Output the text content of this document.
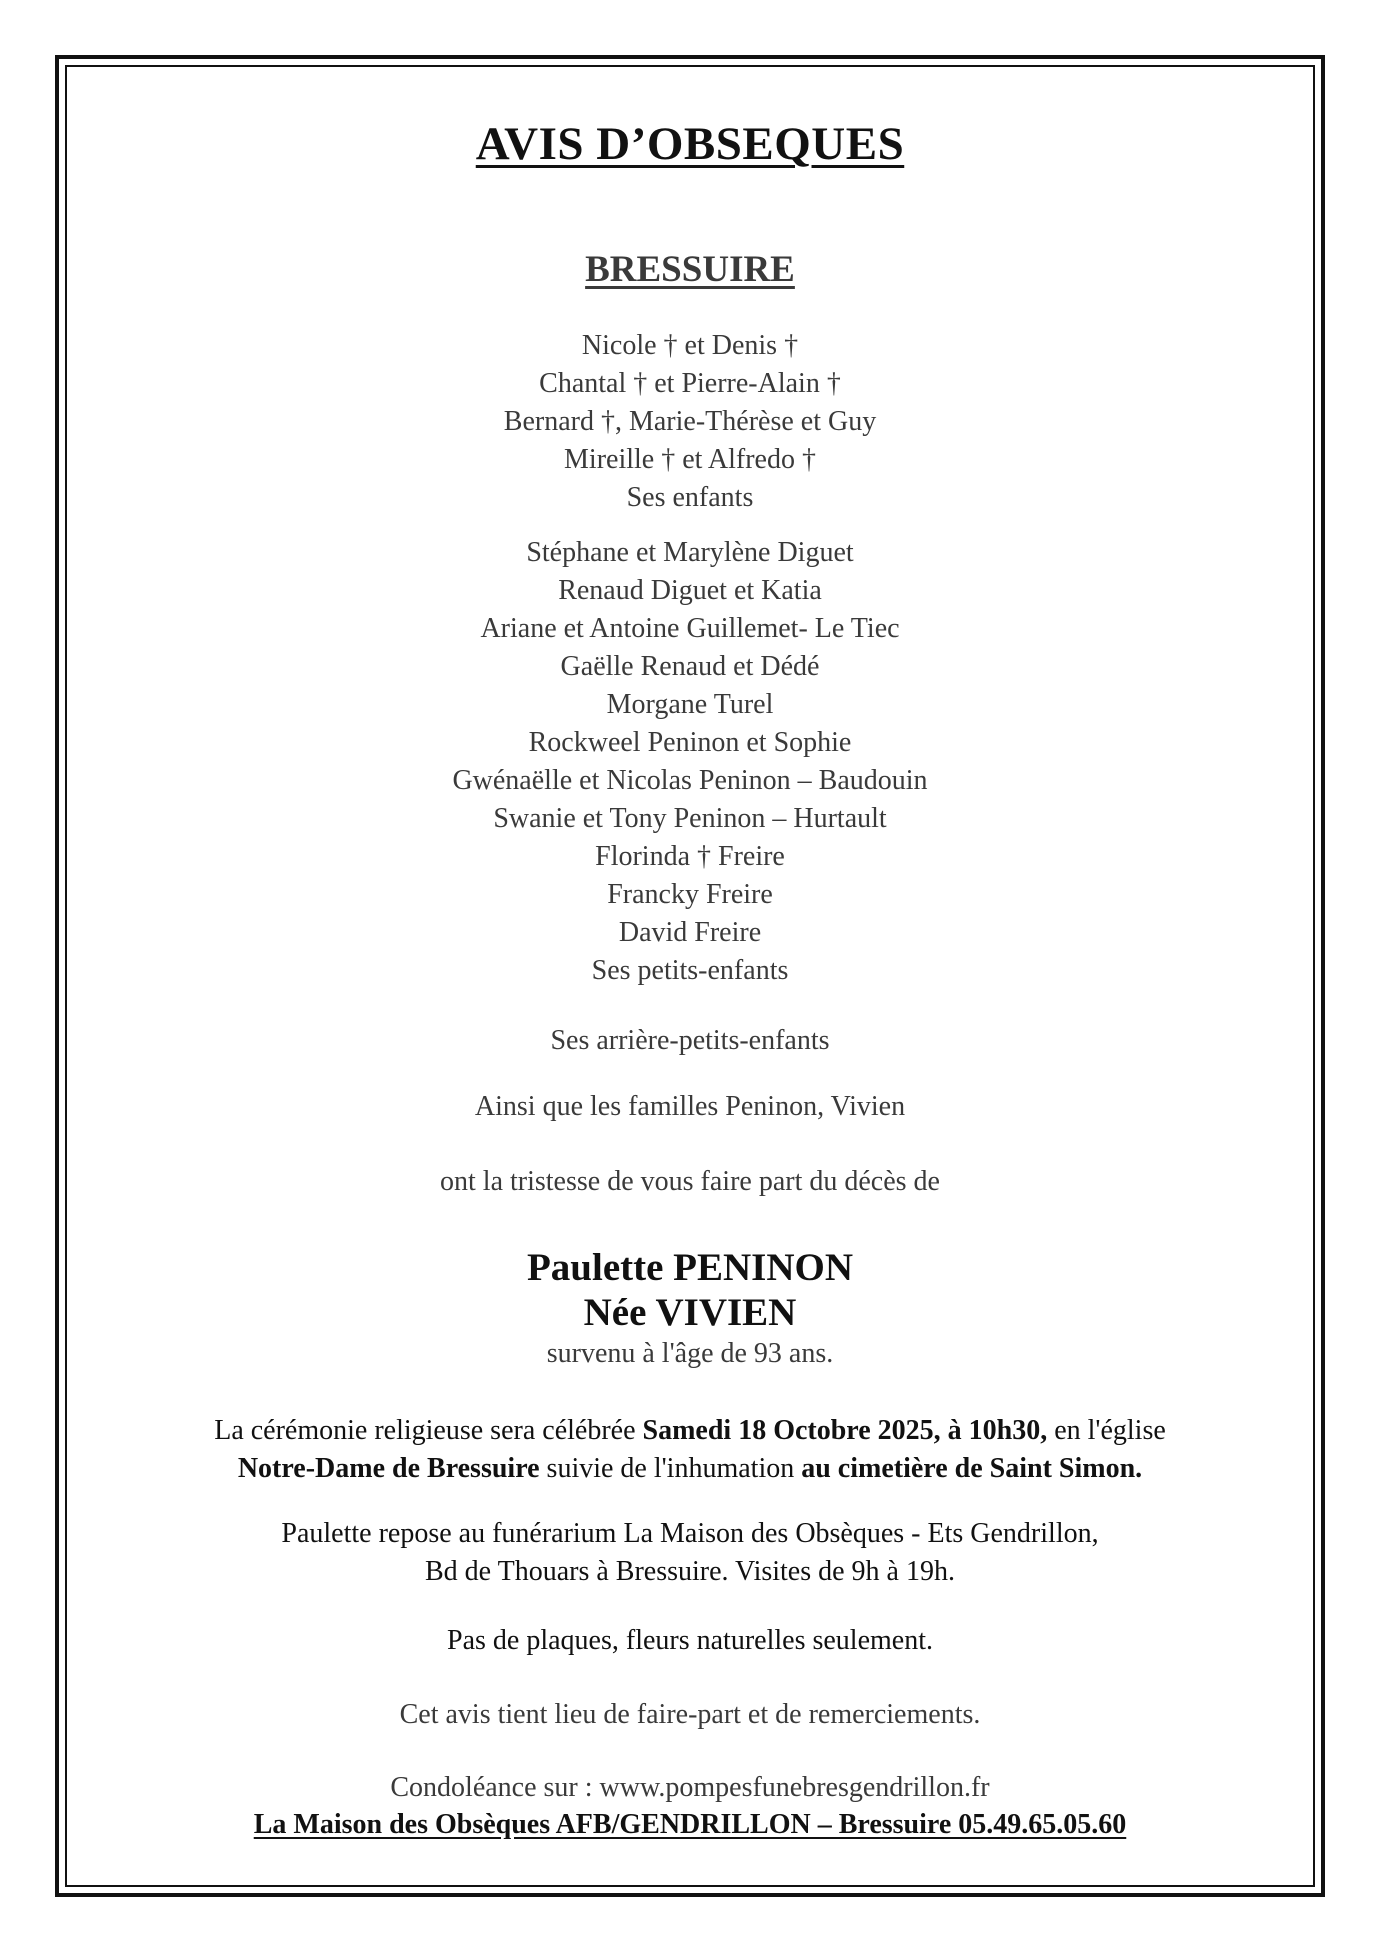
AVIS D’OBSEQUES
BRESSUIRE
Nicole † et Denis †
Chantal † et Pierre-Alain †
Bernard †, Marie-Thérèse et Guy
Mireille † et Alfredo †
Ses enfants
Stéphane et Marylène Diguet
Renaud Diguet et Katia
Ariane et Antoine Guillemet- Le Tiec
Gaëlle Renaud et Dédé
Morgane Turel
Rockweel Peninon et Sophie
Gwénaëlle et Nicolas Peninon – Baudouin
Swanie et Tony Peninon – Hurtault
Florinda † Freire
Francky Freire
David Freire
Ses petits-enfants
Ses arrière-petits-enfants
Ainsi que les familles Peninon, Vivien
ont la tristesse de vous faire part du décès de
Paulette PENINON
Née VIVIEN
survenu à l'âge de 93 ans.
La cérémonie religieuse sera célébrée Samedi 18 Octobre 2025, à 10h30, en l'église
Notre-Dame de Bressuire suivie de l'inhumation au cimetière de Saint Simon.
Paulette repose au funérarium La Maison des Obsèques - Ets Gendrillon,
Bd de Thouars à Bressuire. Visites de 9h à 19h.
Pas de plaques, fleurs naturelles seulement.
Cet avis tient lieu de faire-part et de remerciements.
Condoléance sur : www.pompesfunebresgendrillon.fr
La Maison des Obsèques AFB/GENDRILLON – Bressuire 05.49.65.05.60
